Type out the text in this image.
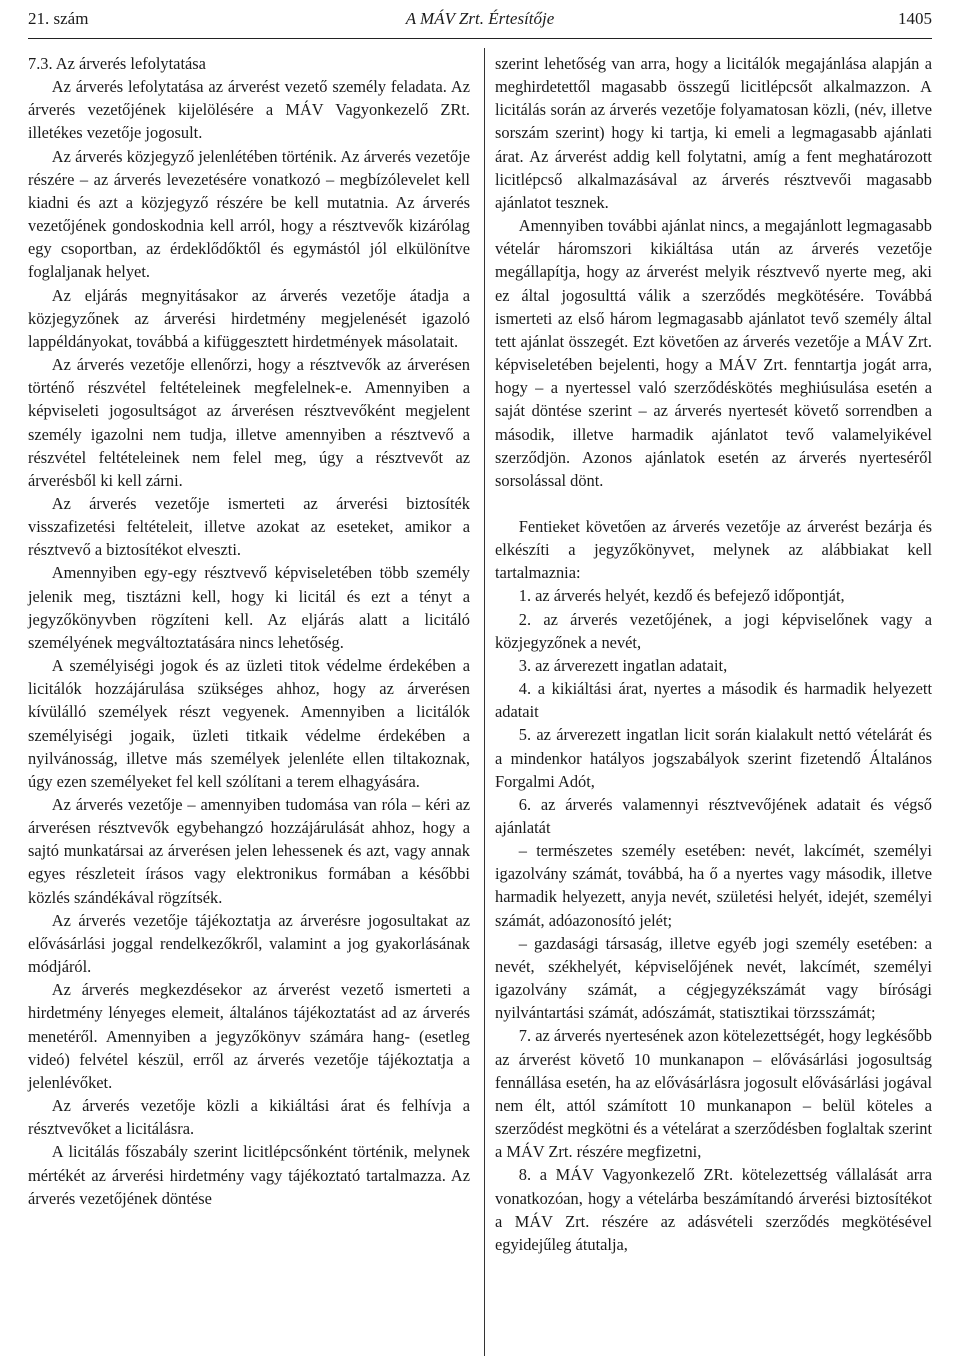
21. szám	A MÁV Zrt. Értesítője	1405

7.3. Az árverés lefolytatása

Az árverés lefolytatása az árverést vezető személy feladata. Az árverés vezetőjének kijelölésére a MÁV Vagyonkezelő ZRt. illetékes vezetője jogosult.

Az árverés közjegyző jelenlétében történik. Az árverés vezetője részére – az árverés levezetésére vonatkozó – megbízólevelet kell kiadni és azt a közjegyző részére be kell mutatnia. Az árverés vezetőjének gondoskodnia kell arról, hogy a résztvevők kizárólag egy csoportban, az érdeklődőktől és egymástól jól elkülönítve foglaljanak helyet.

Az eljárás megnyitásakor az árverés vezetője átadja a közjegyzőnek az árverési hirdetmény megjelenését igazoló lappéldányokat, továbbá a kifüggesztett hirdetmények másolatait.

Az árverés vezetője ellenőrzi, hogy a résztvevők az árverésen történő részvétel feltételeinek megfelelnek-e. Amennyiben a képviseleti jogosultságot az árverésen résztvevőként megjelent személy igazolni nem tudja, illetve amennyiben a résztvevő a részvétel feltételeinek nem felel meg, úgy a résztvevőt az árverésből ki kell zárni.

Az árverés vezetője ismerteti az árverési biztosíték visszafizetési feltételeit, illetve azokat az eseteket, amikor a résztvevő a biztosítékot elveszti.

Amennyiben egy-egy résztvevő képviseletében több személy jelenik meg, tisztázni kell, hogy ki licitál és ezt a tényt a jegyzőkönyvben rögzíteni kell. Az eljárás alatt a licitáló személyének megváltoztatására nincs lehetőség.

A személyiségi jogok és az üzleti titok védelme érdekében a licitálók hozzájárulása szükséges ahhoz, hogy az árverésen kívülálló személyek részt vegyenek. Amennyiben a licitálók személyiségi jogaik, üzleti titkaik védelme érdekében a nyilvánosság, illetve más személyek jelenléte ellen tiltakoznak, úgy ezen személyeket fel kell szólítani a terem elhagyására.

Az árverés vezetője – amennyiben tudomása van róla – kéri az árverésen résztvevők egybehangzó hozzájárulását ahhoz, hogy a sajtó munkatársai az árverésen jelen lehessenek és azt, vagy annak egyes részleteit írásos vagy elektronikus formában a későbbi közlés szándékával rögzítsék.

Az árverés vezetője tájékoztatja az árverésre jogosultakat az elővásárlási joggal rendelkezőkről, valamint a jog gyakorlásának módjáról.

Az árverés megkezdésekor az árverést vezető ismerteti a hirdetmény lényeges elemeit, általános tájékoztatást ad az árverés menetéről. Amennyiben a jegyzőkönyv számára hang- (esetleg videó) felvétel készül, erről az árverés vezetője tájékoztatja a jelenlévőket.

Az árverés vezetője közli a kikiáltási árat és felhívja a résztvevőket a licitálásra.

A licitálás főszabály szerint licitlépcsőnként történik, melynek mértékét az árverési hirdetmény vagy tájékoztató tartalmazza. Az árverés vezetőjének döntése

szerint lehetőség van arra, hogy a licitálók megajánlása alapján a meghirdetettől magasabb összegű licitlépcsőt alkalmazzon. A licitálás során az árverés vezetője folyamatosan közli, (név, illetve sorszám szerint) hogy ki tartja, ki emeli a legmagasabb ajánlati árat. Az árverést addig kell folytatni, amíg a fent meghatározott licitlépcső alkalmazásával az árverés résztvevői magasabb ajánlatot tesznek.

Amennyiben további ajánlat nincs, a megajánlott legmagasabb vételár háromszori kikiáltása után az árverés vezetője megállapítja, hogy az árverést melyik résztvevő nyerte meg, aki ez által jogosulttá válik a szerződés megkötésére. Továbbá ismerteti az első három legmagasabb ajánlatot tevő személy által tett ajánlat összegét. Ezt követően az árverés vezetője a MÁV Zrt. képviseletében bejelenti, hogy a MÁV Zrt. fenntartja jogát arra, hogy – a nyertessel való szerződéskötés meghiúsulása esetén a saját döntése szerint – az árverés nyertesét követő sorrendben a második, illetve harmadik ajánlatot tevő valamelyikével szerződjön. Azonos ajánlatok esetén az árverés nyerteséről sorsolással dönt.

Fentieket követően az árverés vezetője az árverést bezárja és elkészíti a jegyzőkönyvet, melynek az alábbiakat kell tartalmaznia:

1. az árverés helyét, kezdő és befejező időpontját,

2. az árverés vezetőjének, a jogi képviselőnek vagy a közjegyzőnek a nevét,

3. az árverezett ingatlan adatait,

4. a kikiáltási árat, nyertes a második és harmadik helyezett adatait

5. az árverezett ingatlan licit során kialakult nettó vételárát és a mindenkor hatályos jogszabályok szerint fizetendő Általános Forgalmi Adót,

6. az árverés valamennyi résztvevőjének adatait és végső ajánlatát

– természetes személy esetében: nevét, lakcímét, személyi igazolvány számát, továbbá, ha ő a nyertes vagy második, illetve harmadik helyezett, anyja nevét, születési helyét, idejét, személyi számát, adóazonosító jelét;

– gazdasági társaság, illetve egyéb jogi személy esetében: a nevét, székhelyét, képviselőjének nevét, lakcímét, személyi igazolvány számát, a cégjegyzékszámát vagy bírósági nyilvántartási számát, adószámát, statisztikai törzsszámát;

7. az árverés nyertesének azon kötelezettségét, hogy legkésőbb az árverést követő 10 munkanapon – elővásárlási jogosultság fennállása esetén, ha az elővásárlásra jogosult elővásárlási jogával nem élt, attól számított 10 munkanapon – belül köteles a szerződést megkötni és a vételárat a szerződésben foglaltak szerint a MÁV Zrt. részére megfizetni,

8. a MÁV Vagyonkezelő ZRt. kötelezettség vállalását arra vonatkozóan, hogy a vételárba beszámítandó árverési biztosítékot a MÁV Zrt. részére az adásvételi szerződés megkötésével egyidejűleg átutalja,
